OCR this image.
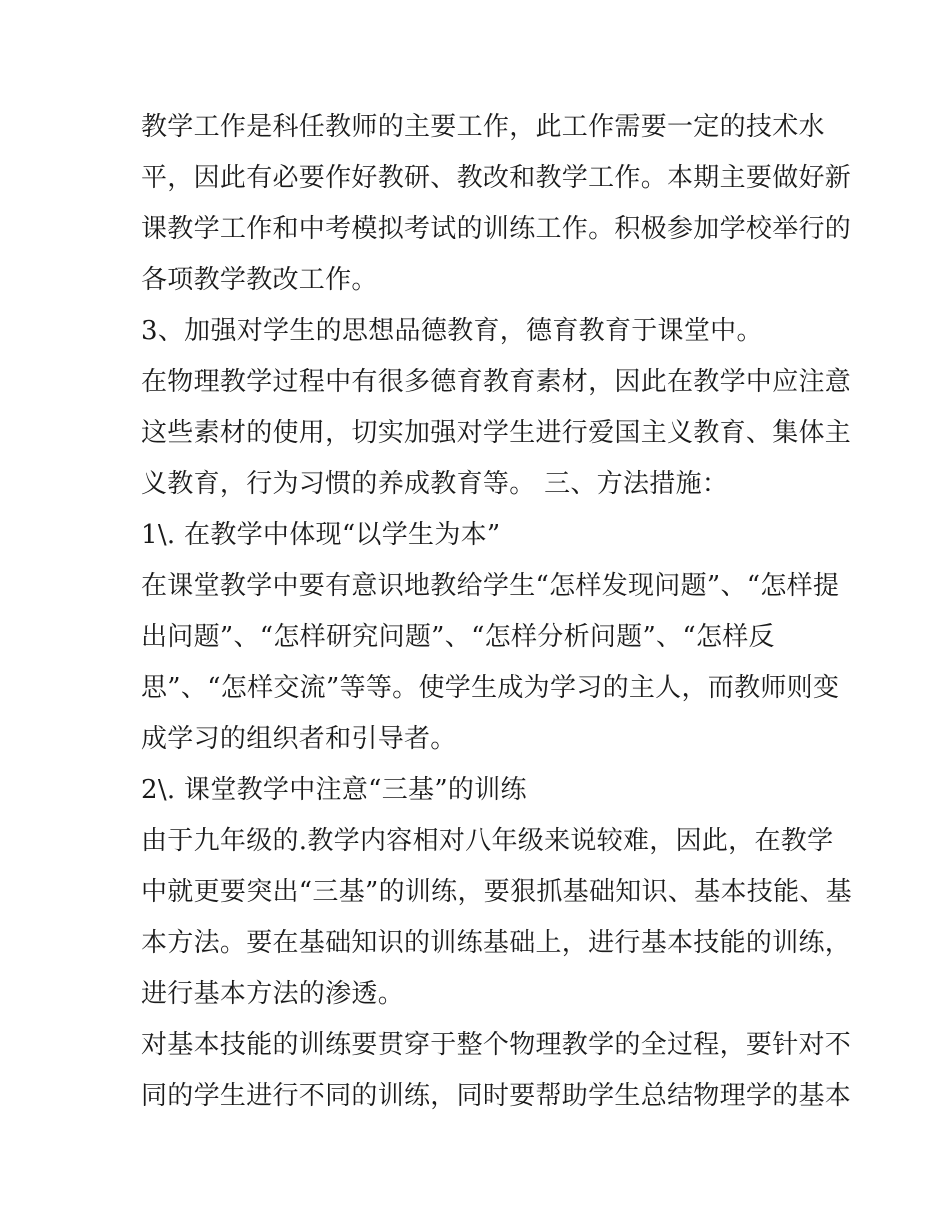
教学工作是科任教师的主要工作，此工作需要一定的技术水
平，因此有必要作好教研、教改和教学工作。本期主要做好新
课教学工作和中考模拟考试的训练工作。积极参加学校举行的
各项教学教改工作。
3、加强对学生的思想品德教育，德育教育于课堂中。
在物理教学过程中有很多德育教育素材，因此在教学中应注意
这些素材的使用，切实加强对学生进行爱国主义教育、集体主
义教育，行为习惯的养成教育等。 三、方法措施：
1\. 在教学中体现“以学生为本”
在课堂教学中要有意识地教给学生“怎样发现问题”、“怎样提
出问题”、“怎样研究问题”、“怎样分析问题”、“怎样反
思”、“怎样交流”等等。使学生成为学习的主人，而教师则变
成学习的组织者和引导者。
2\. 课堂教学中注意“三基”的训练
由于九年级的.教学内容相对八年级来说较难，因此，在教学
中就更要突出“三基”的训练，要狠抓基础知识、基本技能、基
本方法。要在基础知识的训练基础上，进行基本技能的训练，
进行基本方法的渗透。
对基本技能的训练要贯穿于整个物理教学的全过程，要针对不
同的学生进行不同的训练，同时要帮助学生总结物理学的基本
